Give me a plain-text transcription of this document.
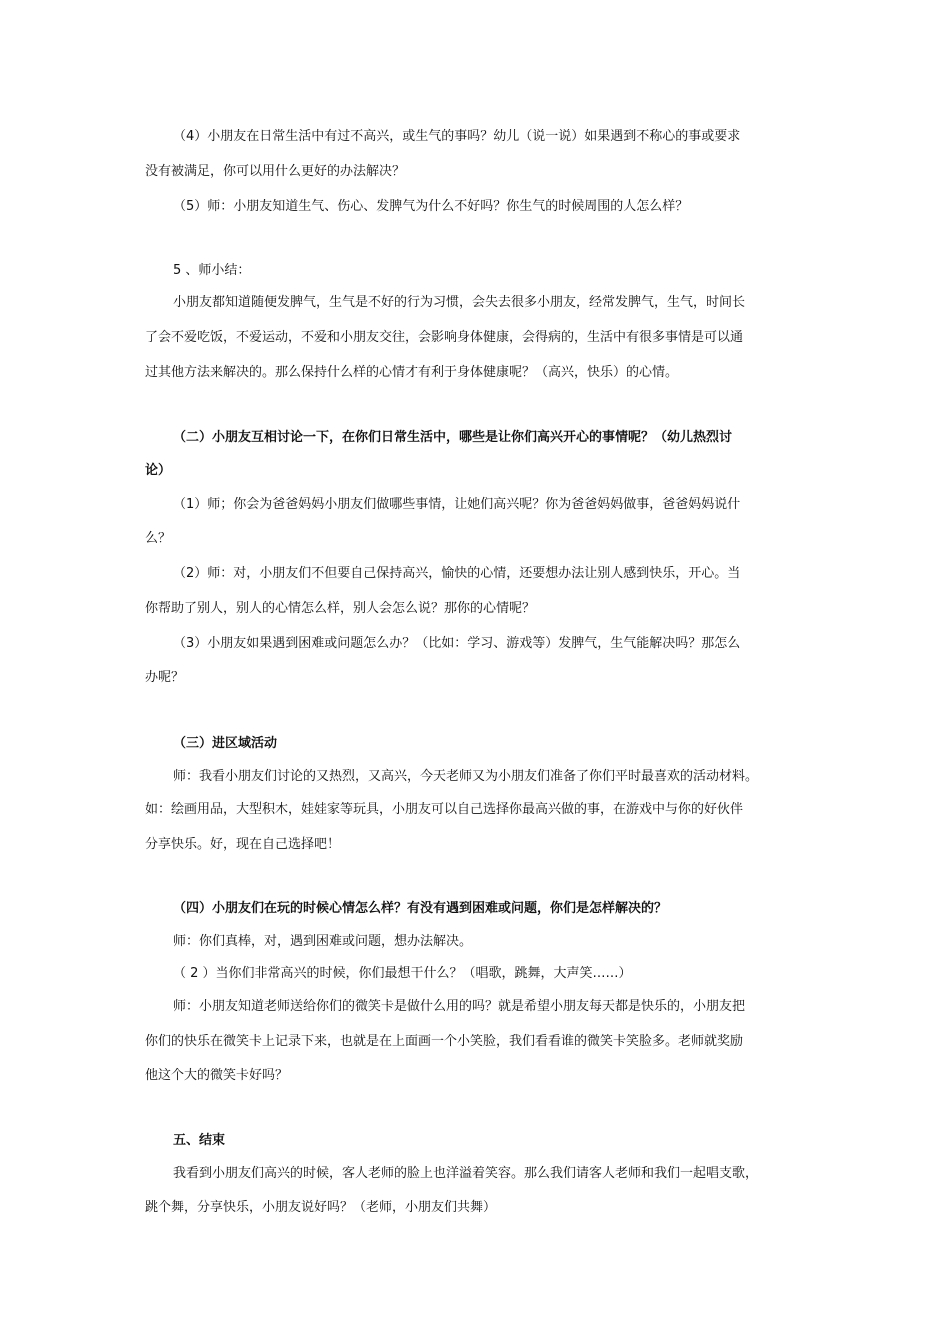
（4）小朋友在日常生活中有过不高兴，或生气的事吗？幼儿（说一说）如果遇到不称心的事或要求
没有被满足，你可以用什么更好的办法解决？
（5）师：小朋友知道生气、伤心、发脾气为什么不好吗？你生气的时候周围的人怎么样？
5 、师小结：
小朋友都知道随便发脾气，生气是不好的行为习惯，会失去很多小朋友，经常发脾气，生气，时间长
了会不爱吃饭，不爱运动，不爱和小朋友交往，会影响身体健康，会得病的，生活中有很多事情是可以通
过其他方法来解决的。那么保持什么样的心情才有利于身体健康呢？（高兴，快乐）的心情。
（二）小朋友互相讨论一下，在你们日常生活中，哪些是让你们高兴开心的事情呢？（幼儿热烈讨
论）
（1）师；你会为爸爸妈妈小朋友们做哪些事情，让她们高兴呢？你为爸爸妈妈做事，爸爸妈妈说什
么？
（2）师：对，小朋友们不但要自己保持高兴，愉快的心情，还要想办法让别人感到快乐，开心。当
你帮助了别人，别人的心情怎么样，别人会怎么说？那你的心情呢？
（3）小朋友如果遇到困难或问题怎么办？（比如：学习、游戏等）发脾气，生气能解决吗？那怎么
办呢？
（三）进区域活动
师：我看小朋友们讨论的又热烈，又高兴，今天老师又为小朋友们准备了你们平时最喜欢的活动材料。
如：绘画用品，大型积木，娃娃家等玩具，小朋友可以自己选择你最高兴做的事，在游戏中与你的好伙伴
分享快乐。好，现在自己选择吧！
（四）小朋友们在玩的时候心情怎么样？有没有遇到困难或问题，你们是怎样解决的？
师：你们真棒，对，遇到困难或问题，想办法解决。
（ 2 ）当你们非常高兴的时候，你们最想干什么？（唱歌，跳舞，大声笑……）
师：小朋友知道老师送给你们的微笑卡是做什么用的吗？就是希望小朋友每天都是快乐的，小朋友把
你们的快乐在微笑卡上记录下来，也就是在上面画一个小笑脸，我们看看谁的微笑卡笑脸多。老师就奖励
他这个大的微笑卡好吗？
五、结束
我看到小朋友们高兴的时候，客人老师的脸上也洋溢着笑容。那么我们请客人老师和我们一起唱支歌，
跳个舞，分享快乐，小朋友说好吗？（老师，小朋友们共舞）
